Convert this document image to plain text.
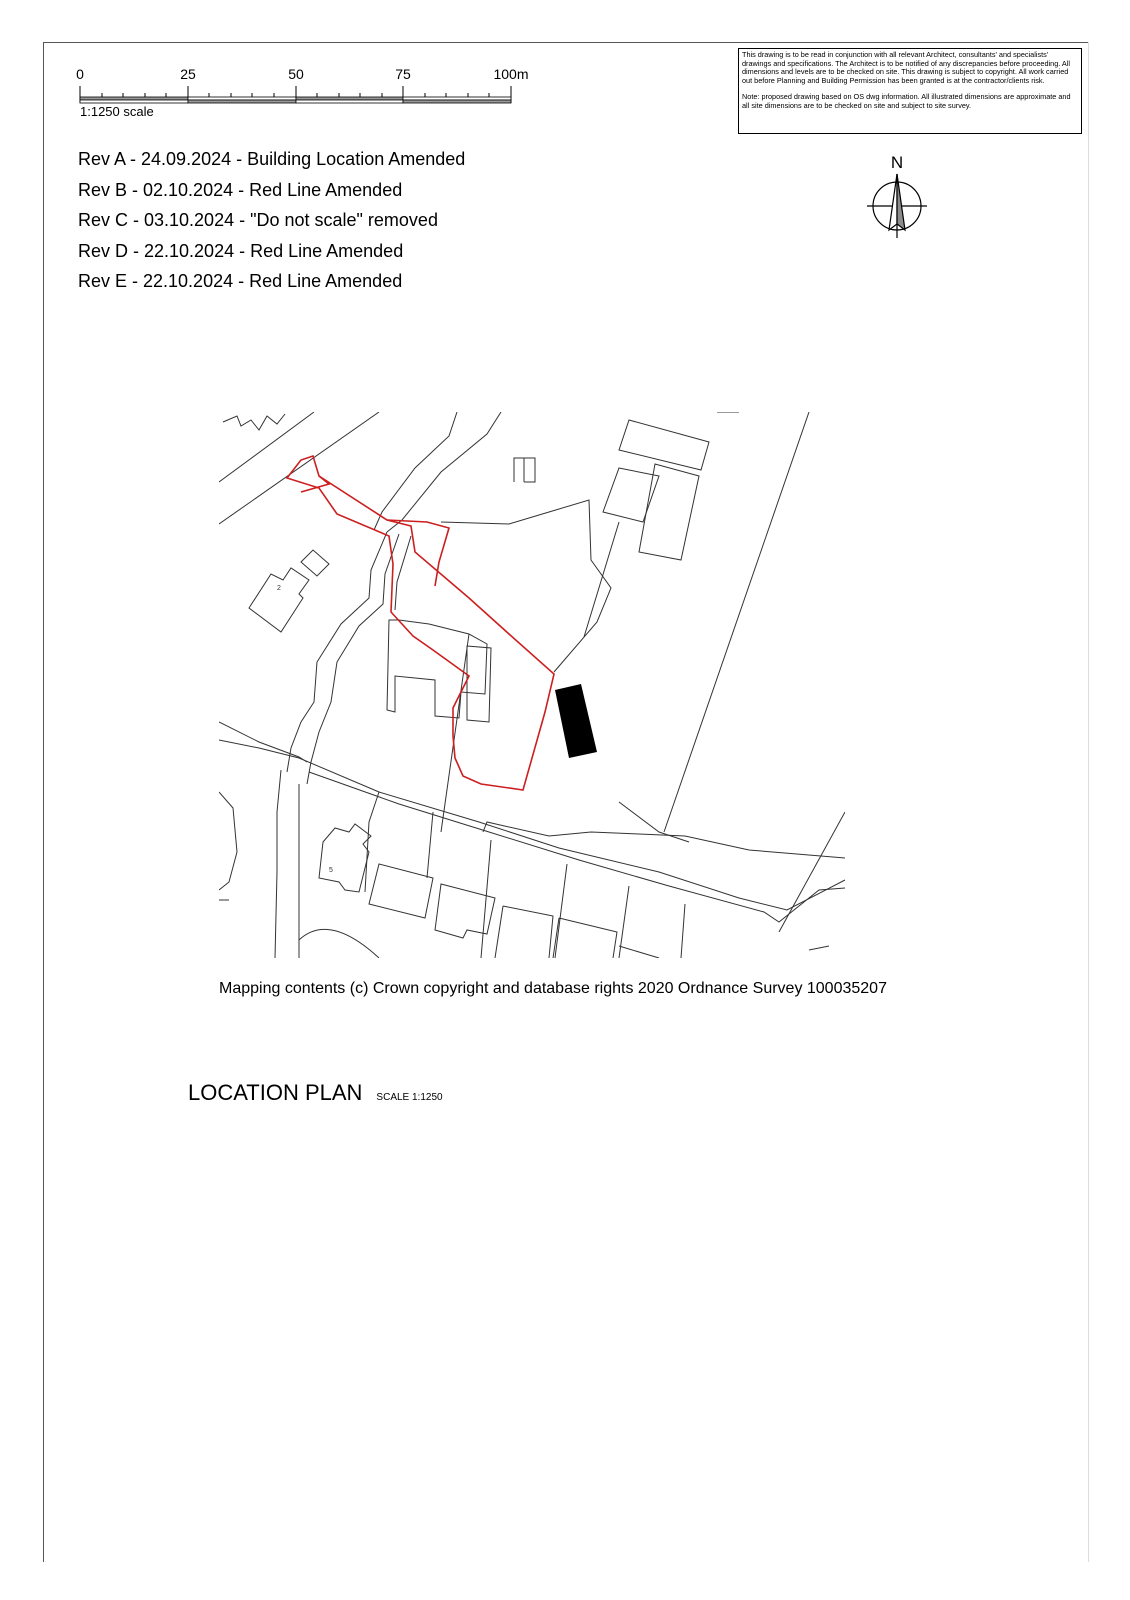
0	25	50	75	100m
1:1250 scale

This drawing is to be read in conjunction with all relevant Architect, consultants' and specialists' drawings and specifications. The Architect is to be notified of any discrepancies before proceeding. All dimensions and levels are to be checked on site. This drawing is subject to copyright. All work carried out before Planning and Building Permission has been granted is at the contractor/clients risk.

Note: proposed drawing based on OS dwg information. All illustrated dimensions are approximate and all site dimensions are to be checked on site and subject to site survey.

Rev A - 24.09.2024 - Building Location Amended
Rev B - 02.10.2024 - Red Line Amended
Rev C - 03.10.2024 - "Do not scale" removed
Rev D - 22.10.2024 - Red Line Amended
Rev E - 22.10.2024 - Red Line Amended
N
2
5
Mapping contents (c) Crown copyright and database rights 2020 Ordnance Survey 100035207
LOCATION PLAN SCALE 1:1250
